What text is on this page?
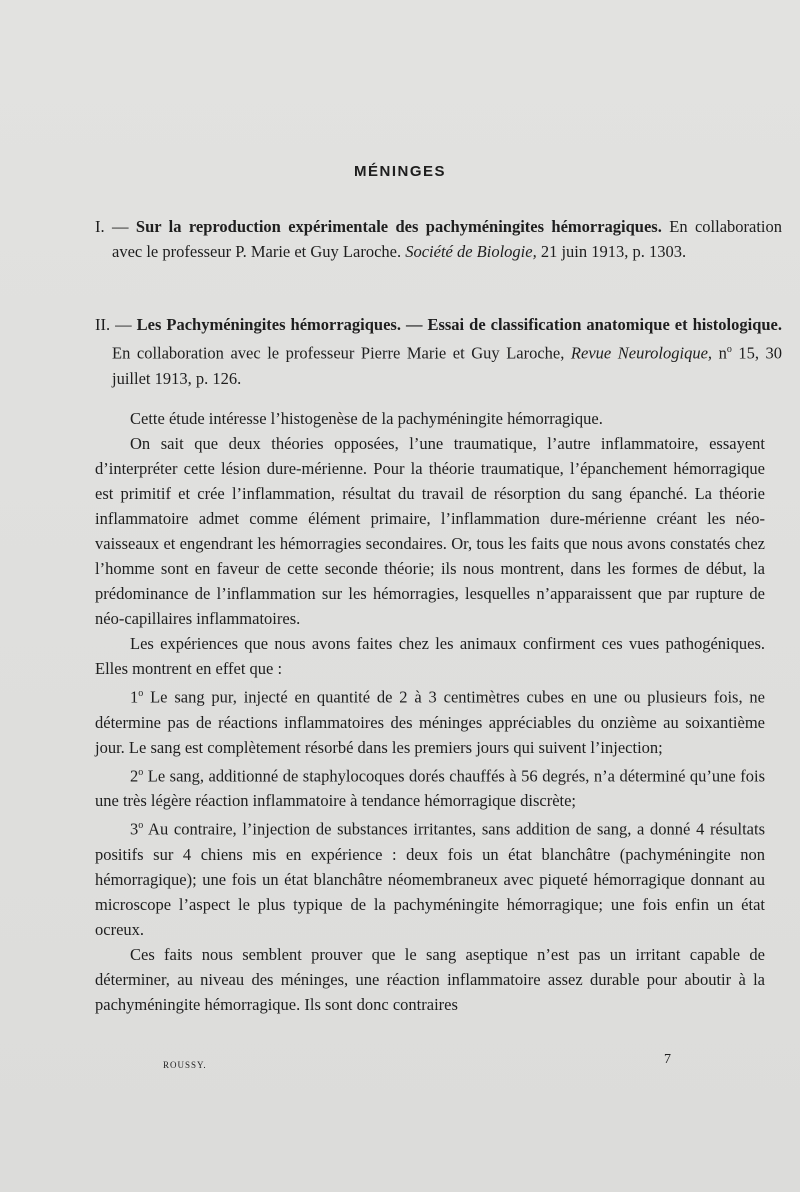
MÉNINGES
I. — Sur la reproduction expérimentale des pachyméningites hémorragiques. En collaboration avec le professeur P. Marie et Guy Laroche. Société de Biologie, 21 juin 1913, p. 1303.
II. — Les Pachyméningites hémorragiques. — Essai de classification anatomique et histologique. En collaboration avec le professeur Pierre Marie et Guy Laroche, Revue Neurologique, $n^o$ 15, 30 juillet 1913, p. 126.

Cette étude intéresse l’histogenèse de la pachyméningite hémorragique.

On sait que deux théories opposées, l’une traumatique, l’autre inflammatoire, essayent d’interpréter cette lésion dure-mérienne. Pour la théorie traumatique, l’épanchement hémorragique est primitif et crée l’inflammation, résultat du travail de résorption du sang épanché. La théorie inflammatoire admet comme élément primaire, l’inflammation dure-mérienne créant les néo-vaisseaux et engendrant les hémorragies secondaires. Or, tous les faits que nous avons constatés chez l’homme sont en faveur de cette seconde théorie; ils nous montrent, dans les formes de début, la prédominance de l’inflammation sur les hémorragies, lesquelles n’apparaissent que par rupture de néo-capillaires inflammatoires.

Les expériences que nous avons faites chez les animaux confirment ces vues pathogéniques. Elles montrent en effet que :

1$^o$ Le sang pur, injecté en quantité de 2 à 3 centimètres cubes en une ou plusieurs fois, ne détermine pas de réactions inflammatoires des méninges appréciables du onzième au soixantième jour. Le sang est complètement résorbé dans les premiers jours qui suivent l’injection;

2$^o$ Le sang, additionné de staphylocoques dorés chauffés à 56 degrés, n’a déterminé qu’une fois une très légère réaction inflammatoire à tendance hémorragique discrète;

3$^o$ Au contraire, l’injection de substances irritantes, sans addition de sang, a donné 4 résultats positifs sur 4 chiens mis en expérience : deux fois un état blanchâtre (pachyméningite non hémorragique); une fois un état blanchâtre néomembraneux avec piqueté hémorragique donnant au microscope l’aspect le plus typique de la pachyméningite hémorragique; une fois enfin un état ocreux.

Ces faits nous semblent prouver que le sang aseptique n’est pas un irritant capable de déterminer, au niveau des méninges, une réaction inflammatoire assez durable pour aboutir à la pachyméningite hémorragique. Ils sont donc contraires

ROUSSY.	7
